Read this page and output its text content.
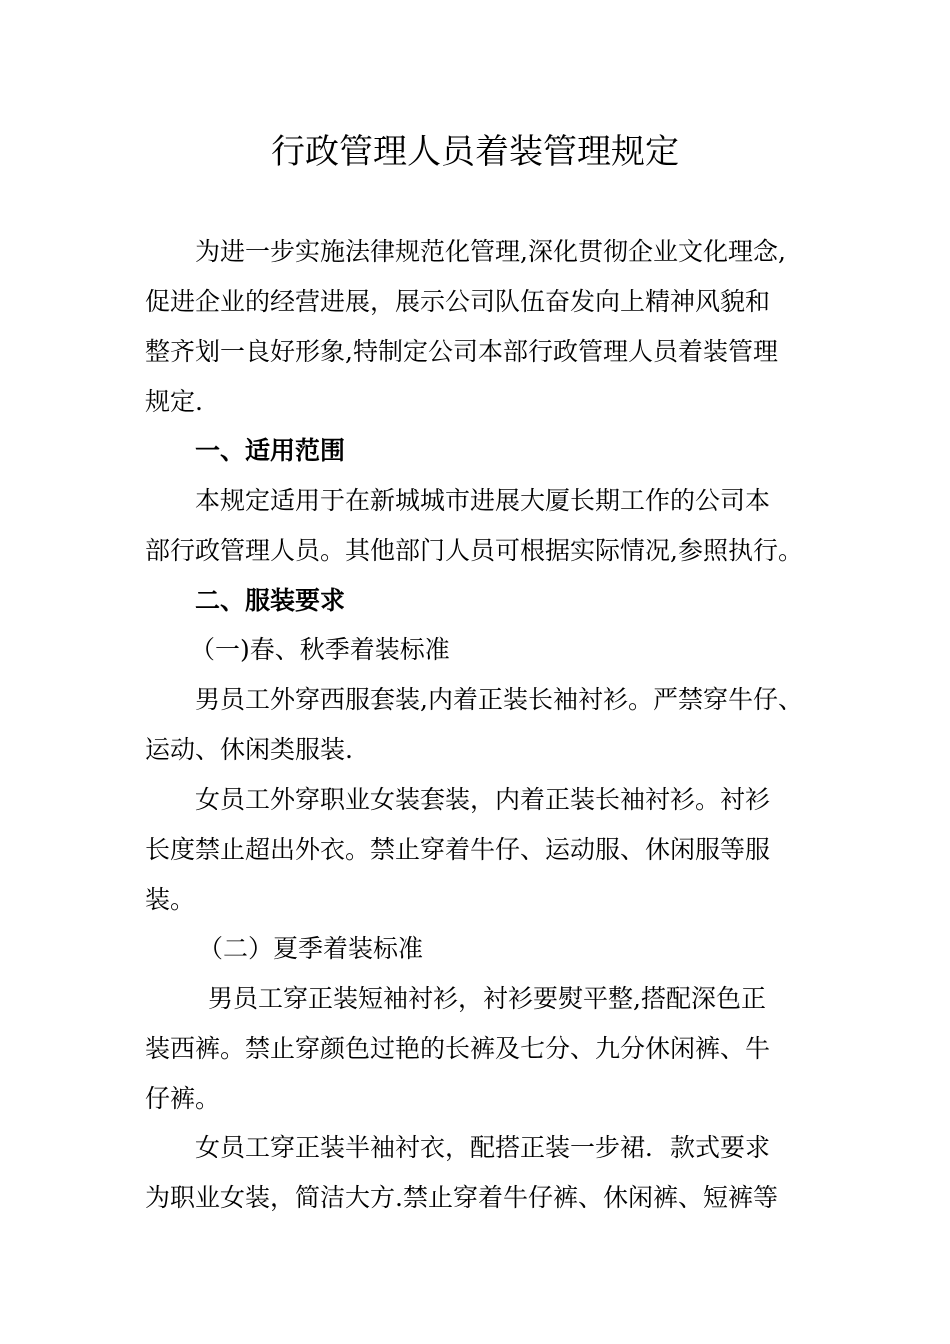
行政管理人员着装管理规定

为进一步实施法律规范化管理,深化贯彻企业文化理念,

促进企业的经营进展，展示公司队伍奋发向上精神风貌和

整齐划一良好形象,特制定公司本部行政管理人员着装管理

规定.

一、适用范围

本规定适用于在新城城市进展大厦长期工作的公司本

部行政管理人员。其他部门人员可根据实际情况,参照执行。

二、服装要求

（一)春、秋季着装标准

男员工外穿西服套装,内着正装长袖衬衫。严禁穿牛仔、

运动、休闲类服装.

女员工外穿职业女装套装，内着正装长袖衬衫。衬衫

长度禁止超出外衣。禁止穿着牛仔、运动服、休闲服等服

装。

（二）夏季着装标准

男员工穿正装短袖衬衫，衬衫要熨平整,搭配深色正

装西裤。禁止穿颜色过艳的长裤及七分、九分休闲裤、牛

仔裤。

女员工穿正装半袖衬衣，配搭正装一步裙．款式要求

为职业女装，简洁大方.禁止穿着牛仔裤、休闲裤、短裤等
